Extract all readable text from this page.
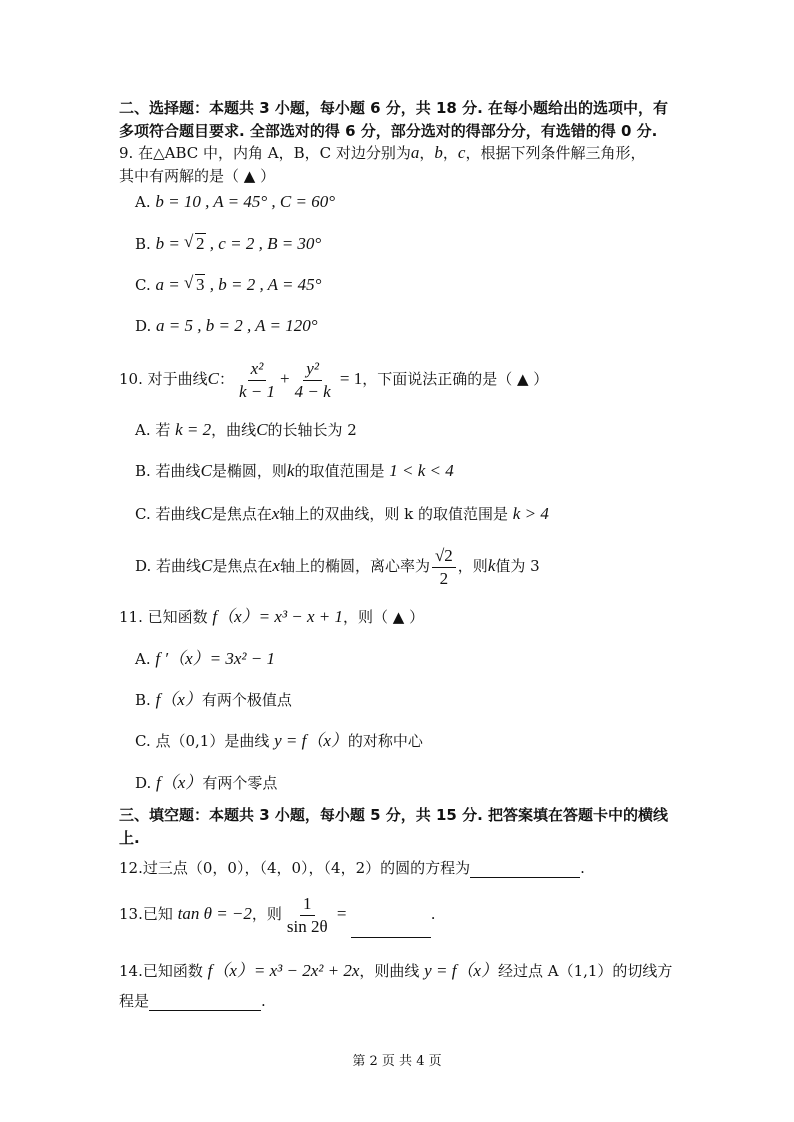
二、选择题：本题共 3 小题，每小题 6 分，共 18 分. 在每小题给出的选项中，有
多项符合题目要求. 全部选对的得 6 分，部分选对的得部分分，有选错的得 0 分.
9. 在△ABC 中，内角 A，B，C 对边分别为a，b，c，根据下列条件解三角形，
其中有两解的是（ ▲ ）
A. b = 10 , A = 45° , C = 60°
B. b = √ 2 , c = 2 , B = 30°
C. a = √ 3 , b = 2 , A = 45°
D. a = 5 , b = 2 , A = 120°
10. 对于曲线C： $\frac{\text{x²}}{k - 1} + \frac{\text{y²}}{4 - k} = 1$，下面说法正确的是（ ▲ ）
A. 若 k = 2，曲线C的长轴长为 2
B. 若曲线C是椭圆，则k的取值范围是 1 < k < 4
C. 若曲线C是焦点在x轴上的双曲线，则 k 的取值范围是 k > 4
D. 若曲线C是焦点在x轴上的椭圆，离心率为 $\frac{√2}{2}$ ，则k值为 3
11. 已知函数 f（x）= x³ − x + 1，则（ ▲ ）
A. f ′（x）= 3x² − 1
B. f（x）有两个极值点
C. 点（0,1）是曲线 y = f（x）的对称中心
D. f（x）有两个零点
三、填空题：本题共 3 小题，每小题 5 分，共 15 分. 把答案填在答题卡中的横线
上.
12.过三点（0，0），（4，0），（4，2）的圆的方程为	.
13.已知 tan θ = −2，则 $\frac{1}{\sin 2\theta}$ =	.
14.已知函数 f（x）= x³ − 2x² + 2x，则曲线 y = f（x）经过点 A（1,1）的切线方
程是	.
第 2 页 共 4 页
